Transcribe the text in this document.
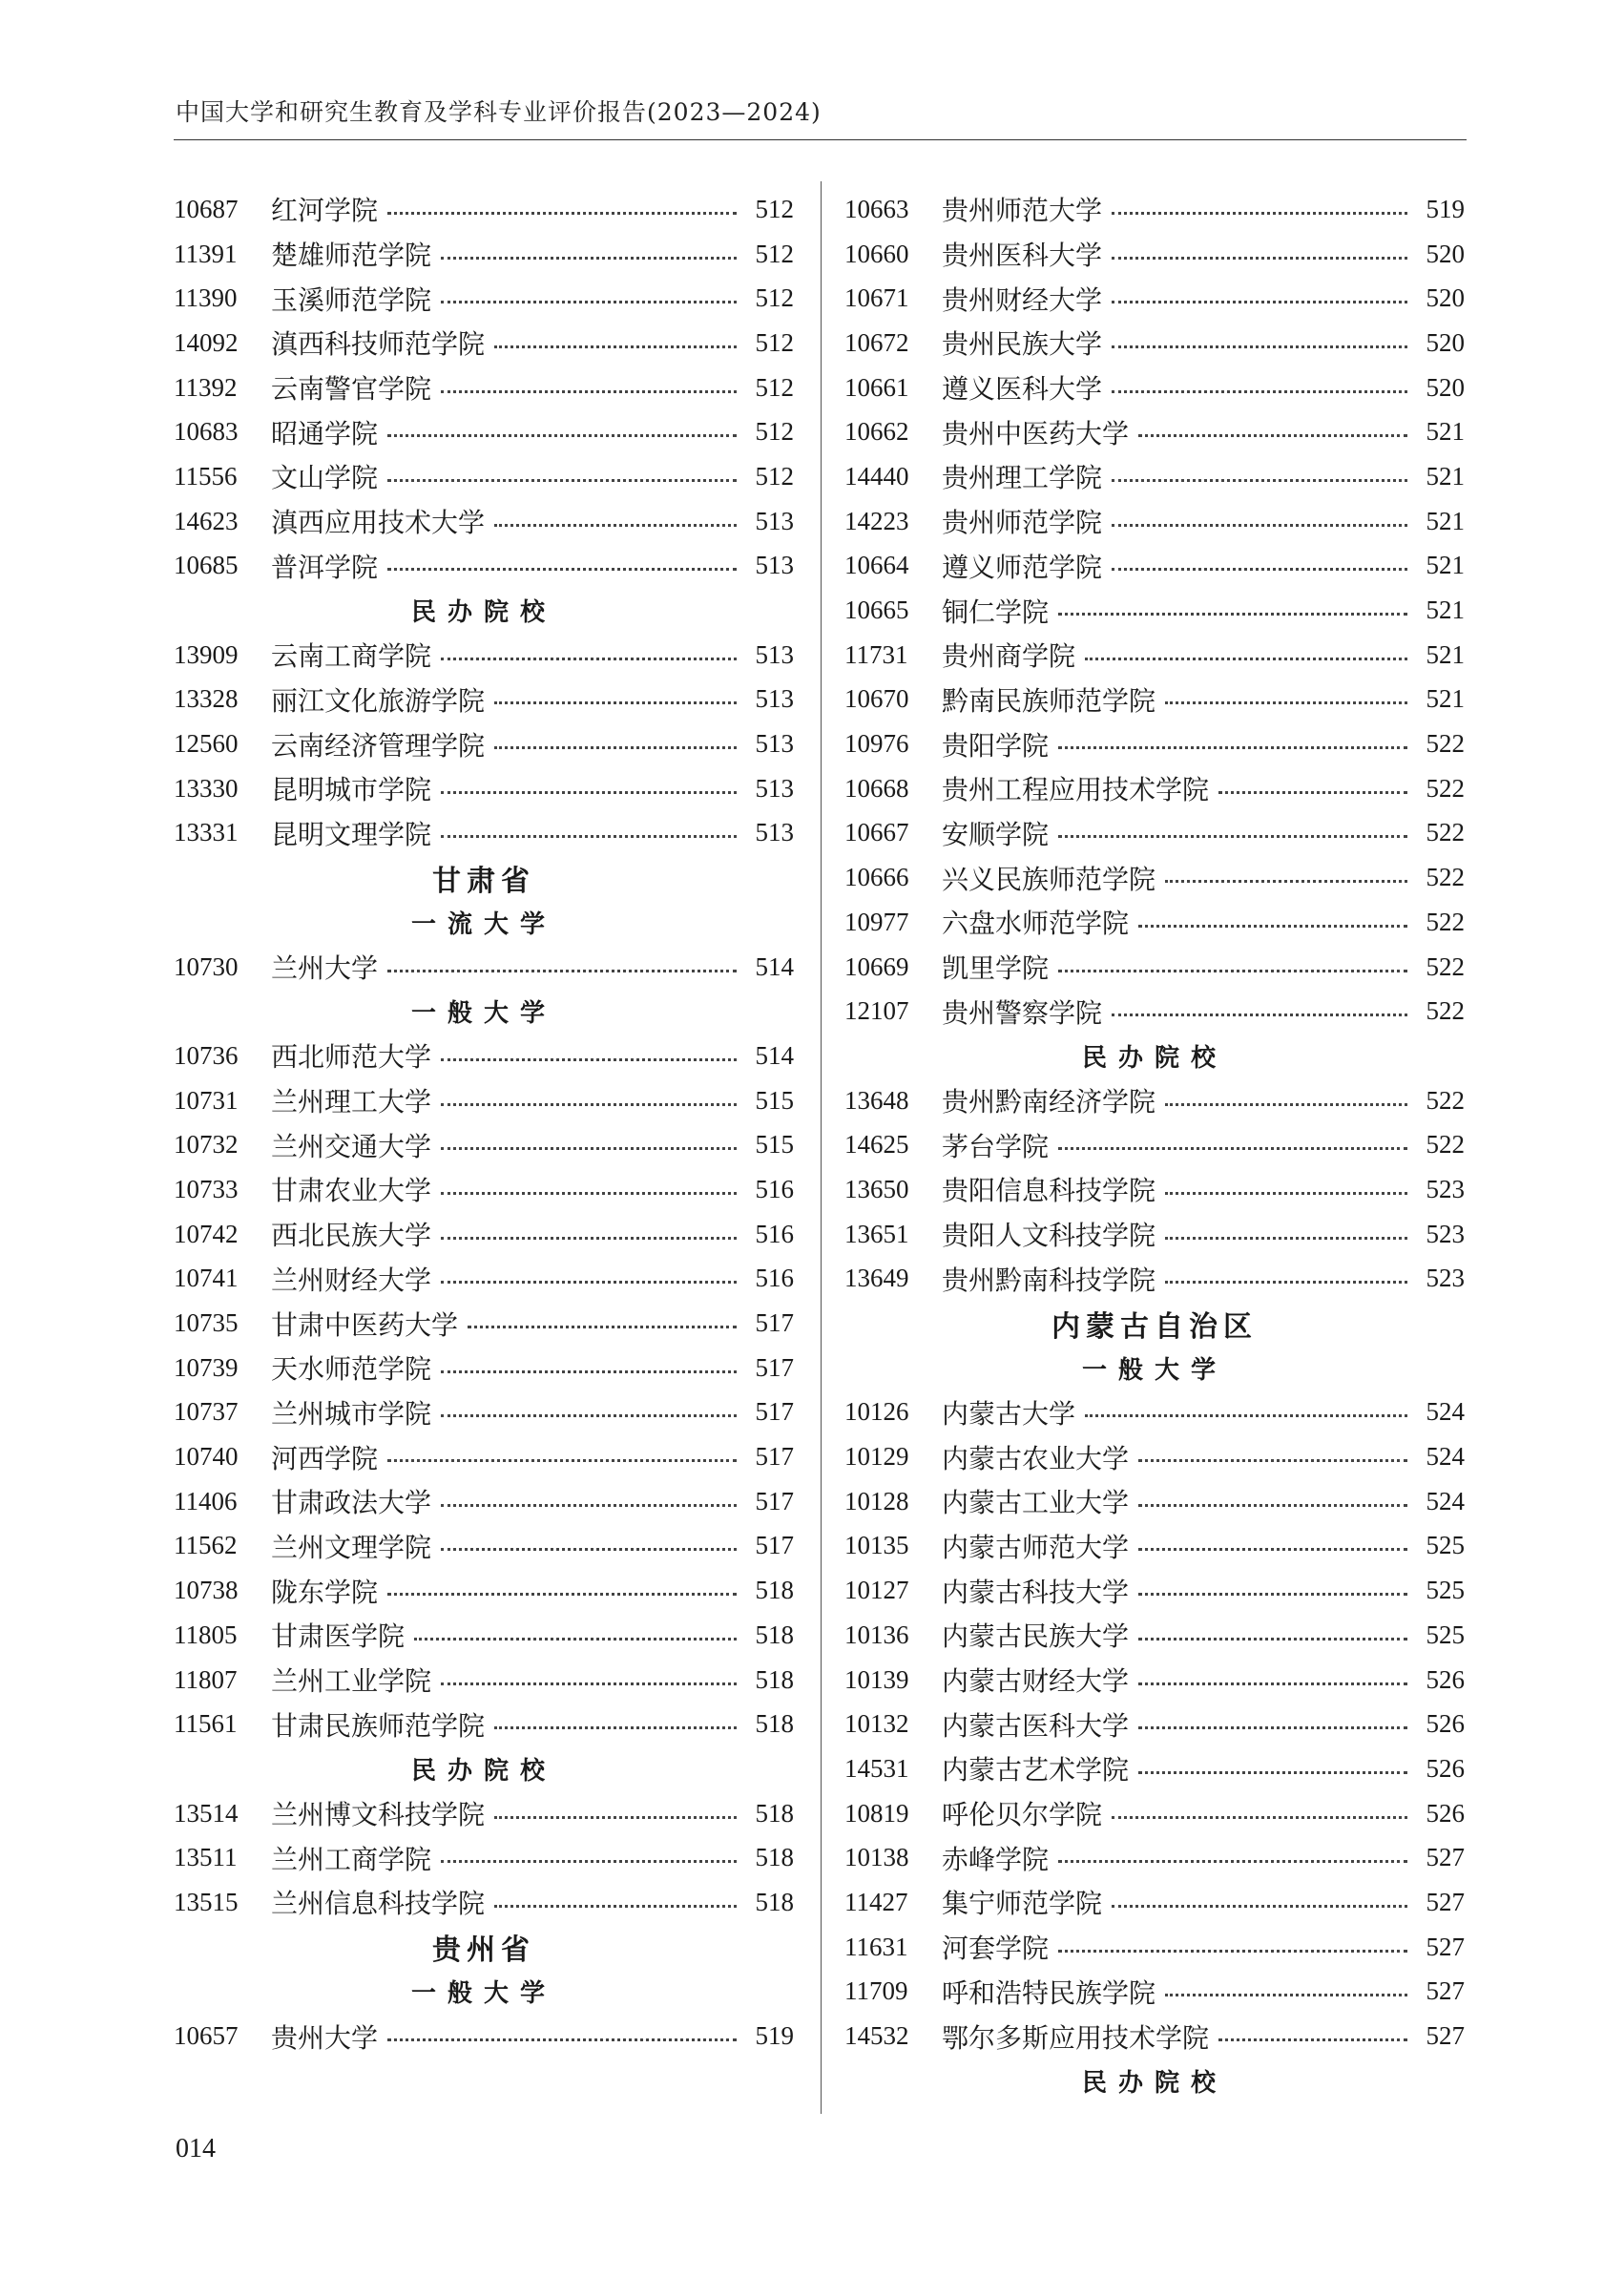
中国大学和研究生教育及学科专业评价报告(2023—2024)
10687	红河学院	512
11391	楚雄师范学院	512
11390	玉溪师范学院	512
14092	滇西科技师范学院	512
11392	云南警官学院	512
10683	昭通学院	512
11556	文山学院	512
14623	滇西应用技术大学	513
10685	普洱学院	513
民办院校
13909	云南工商学院	513
13328	丽江文化旅游学院	513
12560	云南经济管理学院	513
13330	昆明城市学院	513
13331	昆明文理学院	513
甘肃省
一流大学
10730	兰州大学	514
一般大学
10736	西北师范大学	514
10731	兰州理工大学	515
10732	兰州交通大学	515
10733	甘肃农业大学	516
10742	西北民族大学	516
10741	兰州财经大学	516
10735	甘肃中医药大学	517
10739	天水师范学院	517
10737	兰州城市学院	517
10740	河西学院	517
11406	甘肃政法大学	517
11562	兰州文理学院	517
10738	陇东学院	518
11805	甘肃医学院	518
11807	兰州工业学院	518
11561	甘肃民族师范学院	518
民办院校
13514	兰州博文科技学院	518
13511	兰州工商学院	518
13515	兰州信息科技学院	518
贵州省
一般大学
10657	贵州大学	519
10663	贵州师范大学	519
10660	贵州医科大学	520
10671	贵州财经大学	520
10672	贵州民族大学	520
10661	遵义医科大学	520
10662	贵州中医药大学	521
14440	贵州理工学院	521
14223	贵州师范学院	521
10664	遵义师范学院	521
10665	铜仁学院	521
11731	贵州商学院	521
10670	黔南民族师范学院	521
10976	贵阳学院	522
10668	贵州工程应用技术学院	522
10667	安顺学院	522
10666	兴义民族师范学院	522
10977	六盘水师范学院	522
10669	凯里学院	522
12107	贵州警察学院	522
民办院校
13648	贵州黔南经济学院	522
14625	茅台学院	522
13650	贵阳信息科技学院	523
13651	贵阳人文科技学院	523
13649	贵州黔南科技学院	523
内蒙古自治区
一般大学
10126	内蒙古大学	524
10129	内蒙古农业大学	524
10128	内蒙古工业大学	524
10135	内蒙古师范大学	525
10127	内蒙古科技大学	525
10136	内蒙古民族大学	525
10139	内蒙古财经大学	526
10132	内蒙古医科大学	526
14531	内蒙古艺术学院	526
10819	呼伦贝尔学院	526
10138	赤峰学院	527
11427	集宁师范学院	527
11631	河套学院	527
11709	呼和浩特民族学院	527
14532	鄂尔多斯应用技术学院	527
民办院校
014
